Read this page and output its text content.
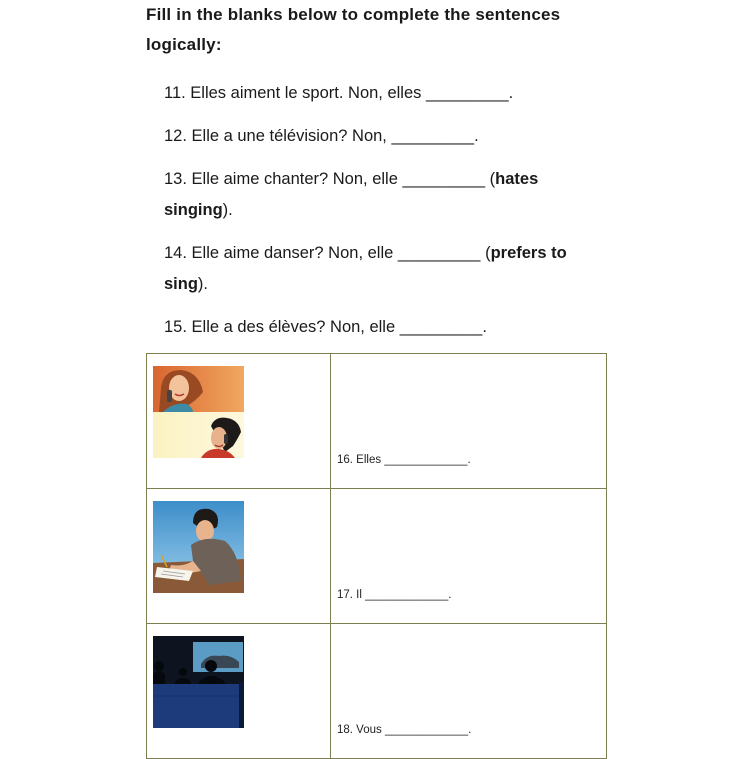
Fill in the blanks below to complete the sentences logically:
11. Elles aiment le sport. Non, elles _________.
12. Elle a une télévision? Non, _________.
13. Elle aime chanter? Non, elle _________ (hates singing).
14. Elle aime danser? Non, elle _________ (prefers to sing).
15. Elle a des élèves? Non, elle _________.

16. Elles _____________.

17. Il _____________.

18. Vous _____________.
